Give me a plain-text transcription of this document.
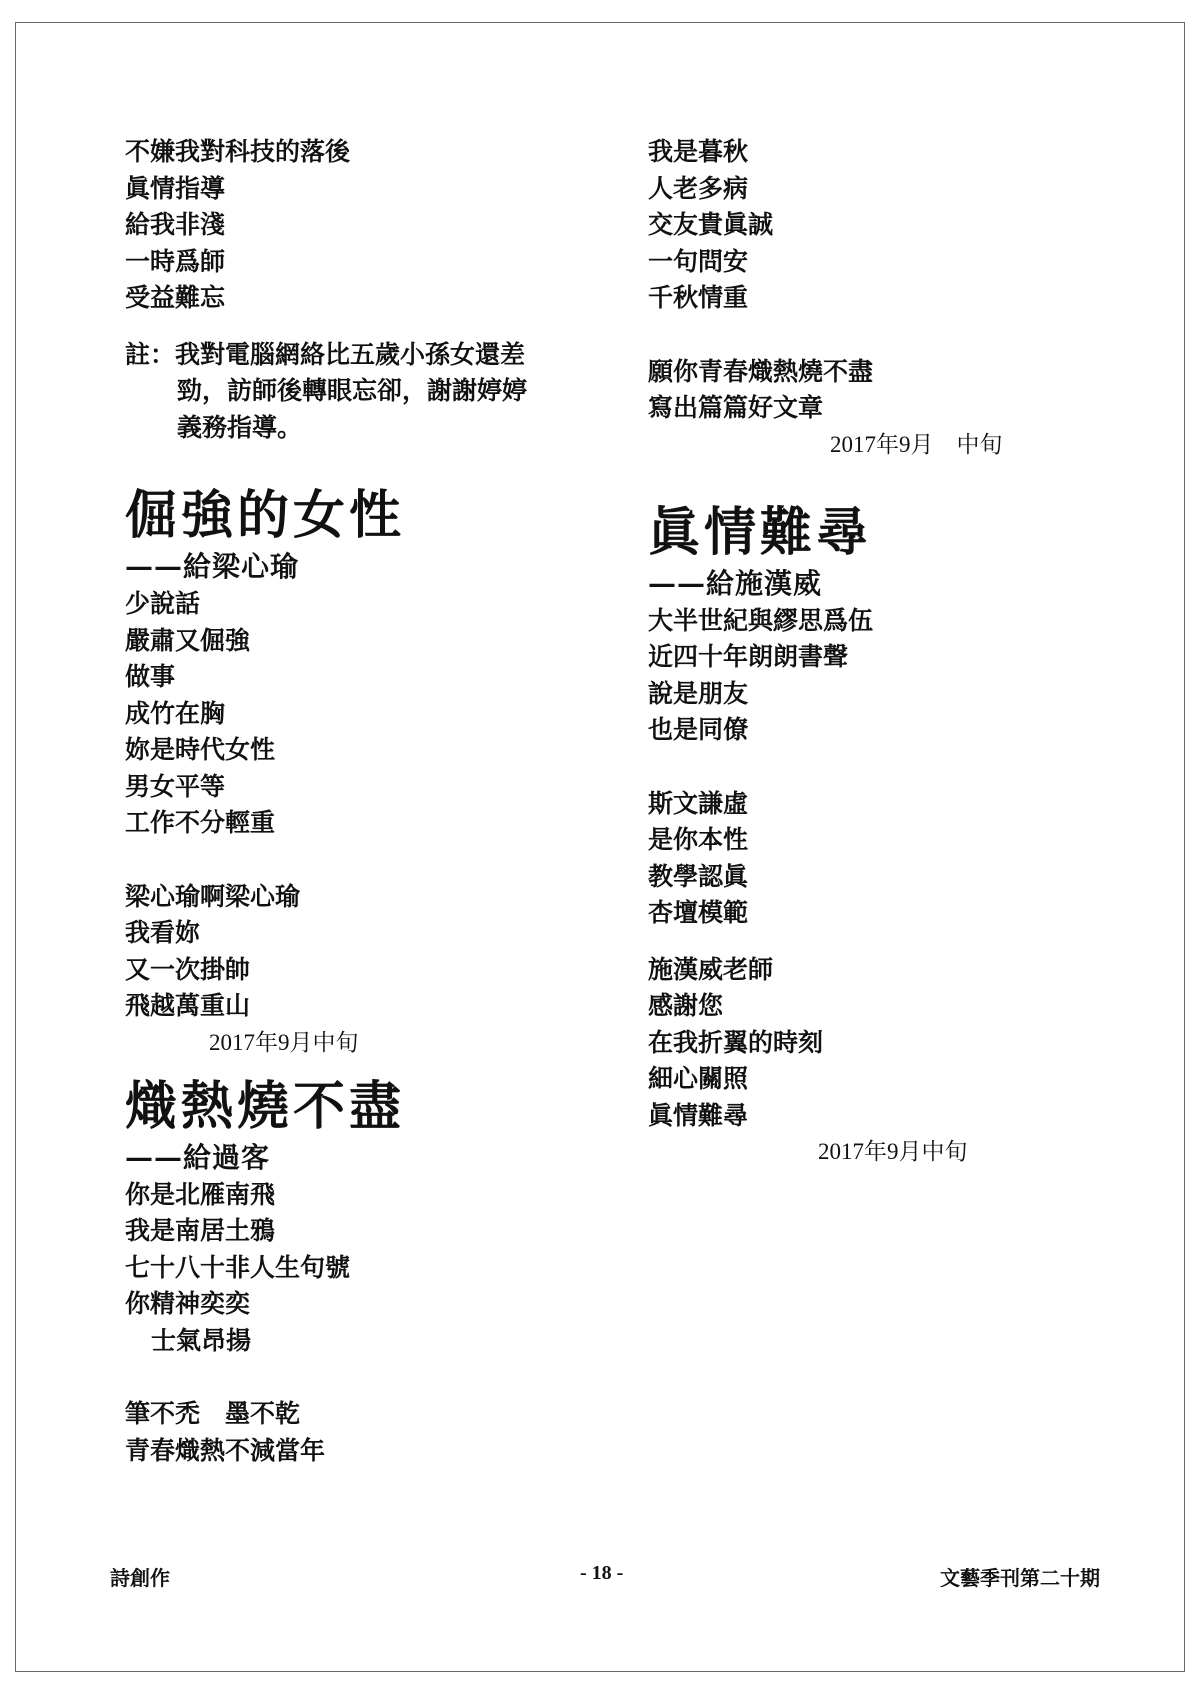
不嫌我對科技的落後
眞情指導
給我非淺
一時爲師
受益難忘
註：我對電腦網絡比五歲小孫女還差
勁，訪師後轉眼忘卻，謝謝婷婷
義務指導。
倔強的女性
——給梁心瑜
少說話
嚴肅又倔強
做事
成竹在胸
妳是時代女性
男女平等
工作不分輕重
梁心瑜啊梁心瑜
我看妳
又一次掛帥
飛越萬重山
2017年9月中旬
熾熱燒不盡
——給過客
你是北雁南飛
我是南居土鴉
七十八十非人生句號
你精神奕奕
士氣昂揚
筆不禿　墨不乾
青春熾熱不減當年
我是暮秋
人老多病
交友貴眞誠
一句問安
千秋情重
願你青春熾熱燒不盡
寫出篇篇好文章
2017年9月　中旬
眞情難尋
——給施漢威
大半世紀與繆思爲伍
近四十年朗朗書聲
說是朋友
也是同僚
斯文謙虛
是你本性
教學認眞
杏壇模範
施漢威老師
感謝您
在我折翼的時刻
細心關照
眞情難尋
2017年9月中旬
詩創作	- 18 -	文藝季刊第二十期
